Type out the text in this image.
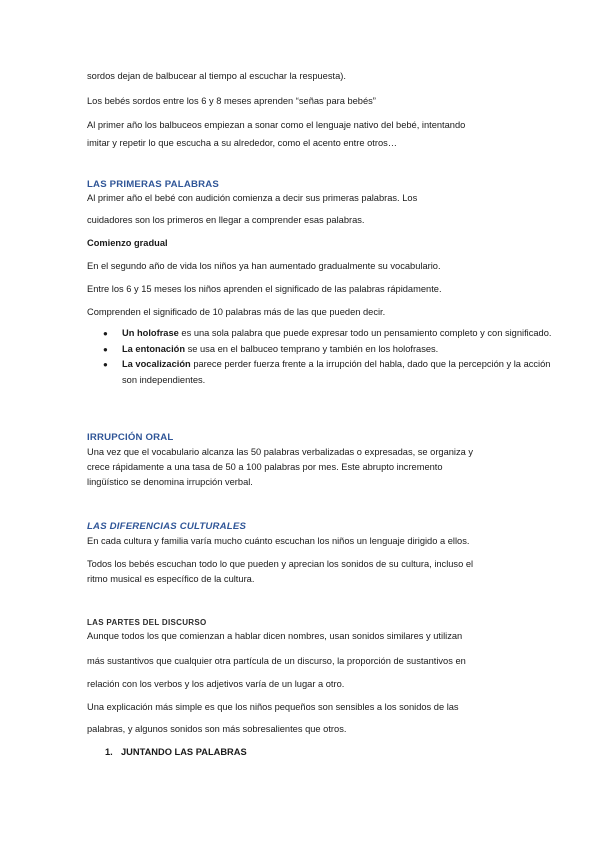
sordos dejan de balbucear al tiempo al escuchar la respuesta).

Los bebés sordos entre los 6 y 8 meses aprenden “señas para bebés”

Al primer año los balbuceos empiezan a sonar como el lenguaje nativo del bebé, intentando

imitar y repetir lo que escucha a su alrededor, como el acento entre otros…

LAS PRIMERAS PALABRAS

Al primer año el bebé con audición comienza a decir sus primeras palabras. Los

cuidadores son los primeros en llegar a comprender esas palabras.

Comienzo gradual

En el segundo año de vida los niños ya han aumentado gradualmente su vocabulario.

Entre los 6 y 15 meses los niños aprenden el significado de las palabras rápidamente.

Comprenden el significado de 10 palabras más de las que pueden decir.

● Un holofrase es una sola palabra que puede expresar todo un pensamiento completo y con significado.
● La entonación se usa en el balbuceo temprano y también en los holofrases.
● La vocalización parece perder fuerza frente a la irrupción del habla, dado que la percepción y la acción son independientes.
IRRUPCIÓN ORAL

Una vez que el vocabulario alcanza las 50 palabras verbalizadas o expresadas, se organiza y

crece rápidamente a una tasa de 50 a 100 palabras por mes. Este abrupto incremento

lingüístico se denomina irrupción verbal.

LAS DIFERENCIAS CULTURALES

En cada cultura y familia varía mucho cuánto escuchan los niños un lenguaje dirigido a ellos.

Todos los bebés escuchan todo lo que pueden y aprecian los sonidos de su cultura, incluso el

ritmo musical es específico de la cultura.

LAS PARTES DEL DISCURSO

Aunque todos los que comienzan a hablar dicen nombres, usan sonidos similares y utilizan

más sustantivos que cualquier otra partícula de un discurso, la proporción de sustantivos en

relación con los verbos y los adjetivos varía de un lugar a otro.

Una explicación más simple es que los niños pequeños son sensibles a los sonidos de las

palabras, y algunos sonidos son más sobresalientes que otros.

1. JUNTANDO LAS PALABRAS
